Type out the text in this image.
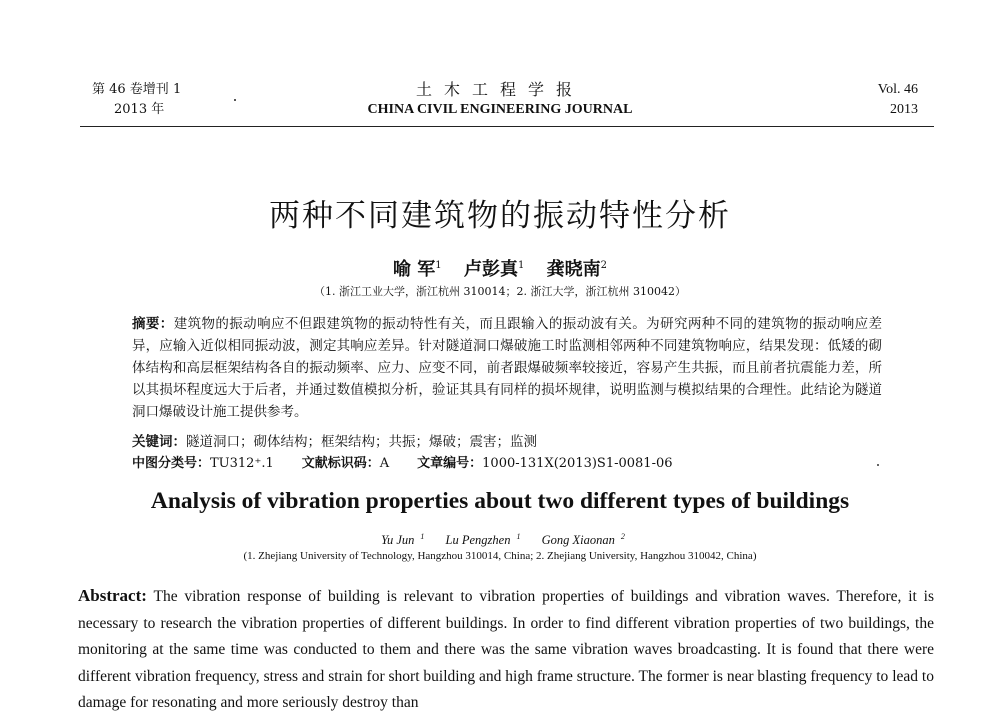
第 46 卷增刊 1
2013 年
土木工程学报
CHINA CIVIL ENGINEERING JOURNAL
Vol. 46
2013
两种不同建筑物的振动特性分析
喻 军$^1$ 卢彭真$^1$ 龚晓南$^2$
（1. 浙江工业大学，浙江杭州 310014；2. 浙江大学，浙江杭州 310042）
摘要：建筑物的振动响应不但跟建筑物的振动特性有关，而且跟输入的振动波有关。为研究两种不同的建筑物的振动响应差异，应输入近似相同振动波，测定其响应差异。针对隧道洞口爆破施工时监测相邻两种不同建筑物响应，结果发现：低矮的砌体结构和高层框架结构各自的振动频率、应力、应变不同，前者跟爆破频率较接近，容易产生共振，而且前者抗震能力差，所以其损坏程度远大于后者，并通过数值模拟分析，验证其具有同样的损坏规律，说明监测与模拟结果的合理性。此结论为隧道洞口爆破设计施工提供参考。
关键词：隧道洞口；砌体结构；框架结构；共振；爆破；震害；监测
中图分类号：TU312⁺.1 文献标识码：A 文章编号：1000-131X(2013)S1-0081-06
Analysis of vibration properties about two different types of buildings
Yu Jun $^1$ Lu Pengzhen $^1$ Gong Xiaonan $^2$
(1. Zhejiang University of Technology, Hangzhou 310014, China; 2. Zhejiang University, Hangzhou 310042, China)
Abstract: The vibration response of building is relevant to vibration properties of buildings and vibration waves. Therefore, it is necessary to research the vibration properties of different buildings. In order to find different vibration properties of two buildings, the monitoring at the same time was conducted to them and there was the same vibration waves broadcasting. It is found that there were different vibration frequency, stress and strain for short building and high frame structure. The former is near blasting frequency to lead to damage for resonating and more seriously destroy than
